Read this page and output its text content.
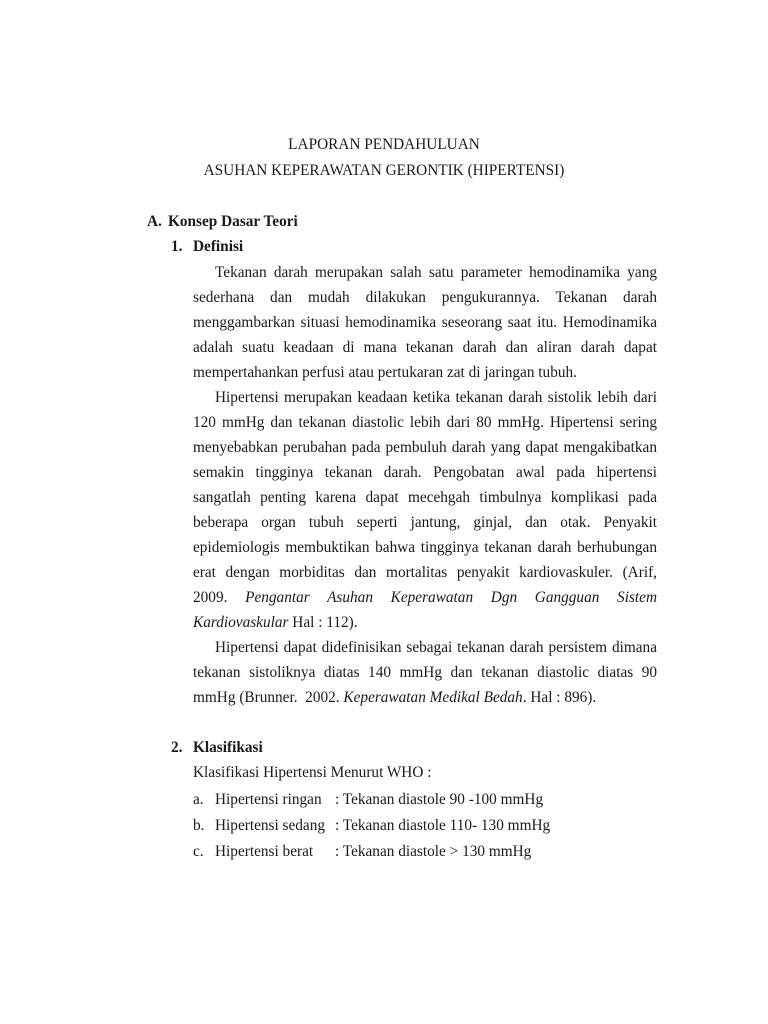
LAPORAN PENDAHULUAN
ASUHAN KEPERAWATAN GERONTIK (HIPERTENSI)
A. Konsep Dasar Teori
1. Definisi
Tekanan darah merupakan salah satu parameter hemodinamika yang
sederhana dan mudah dilakukan pengukurannya. Tekanan darah
menggambarkan situasi hemodinamika seseorang saat itu. Hemodinamika
adalah suatu keadaan di mana tekanan darah dan aliran darah dapat
mempertahankan perfusi atau pertukaran zat di jaringan tubuh.
Hipertensi merupakan keadaan ketika tekanan darah sistolik lebih dari
120 mmHg dan tekanan diastolic lebih dari 80 mmHg. Hipertensi sering
menyebabkan perubahan pada pembuluh darah yang dapat mengakibatkan
semakin tingginya tekanan darah. Pengobatan awal pada hipertensi
sangatlah penting karena dapat mecehgah timbulnya komplikasi pada
beberapa organ tubuh seperti jantung, ginjal, dan otak. Penyakit
epidemiologis membuktikan bahwa tingginya tekanan darah berhubungan
erat dengan morbiditas dan mortalitas penyakit kardiovaskuler. (Arif,
2009. Pengantar Asuhan Keperawatan Dgn Gangguan Sistem
Kardiovaskular Hal : 112).
Hipertensi dapat didefinisikan sebagai tekanan darah persistem dimana
tekanan sistoliknya diatas 140 mmHg dan tekanan diastolic diatas 90
mmHg (Brunner.  2002. Keperawatan Medikal Bedah. Hal : 896).
2. Klasifikasi
Klasifikasi Hipertensi Menurut WHO :
a. Hipertensi ringan : Tekanan diastole 90 -100 mmHg
b. Hipertensi sedang : Tekanan diastole 110- 130 mmHg
c. Hipertensi berat : Tekanan diastole > 130 mmHg
